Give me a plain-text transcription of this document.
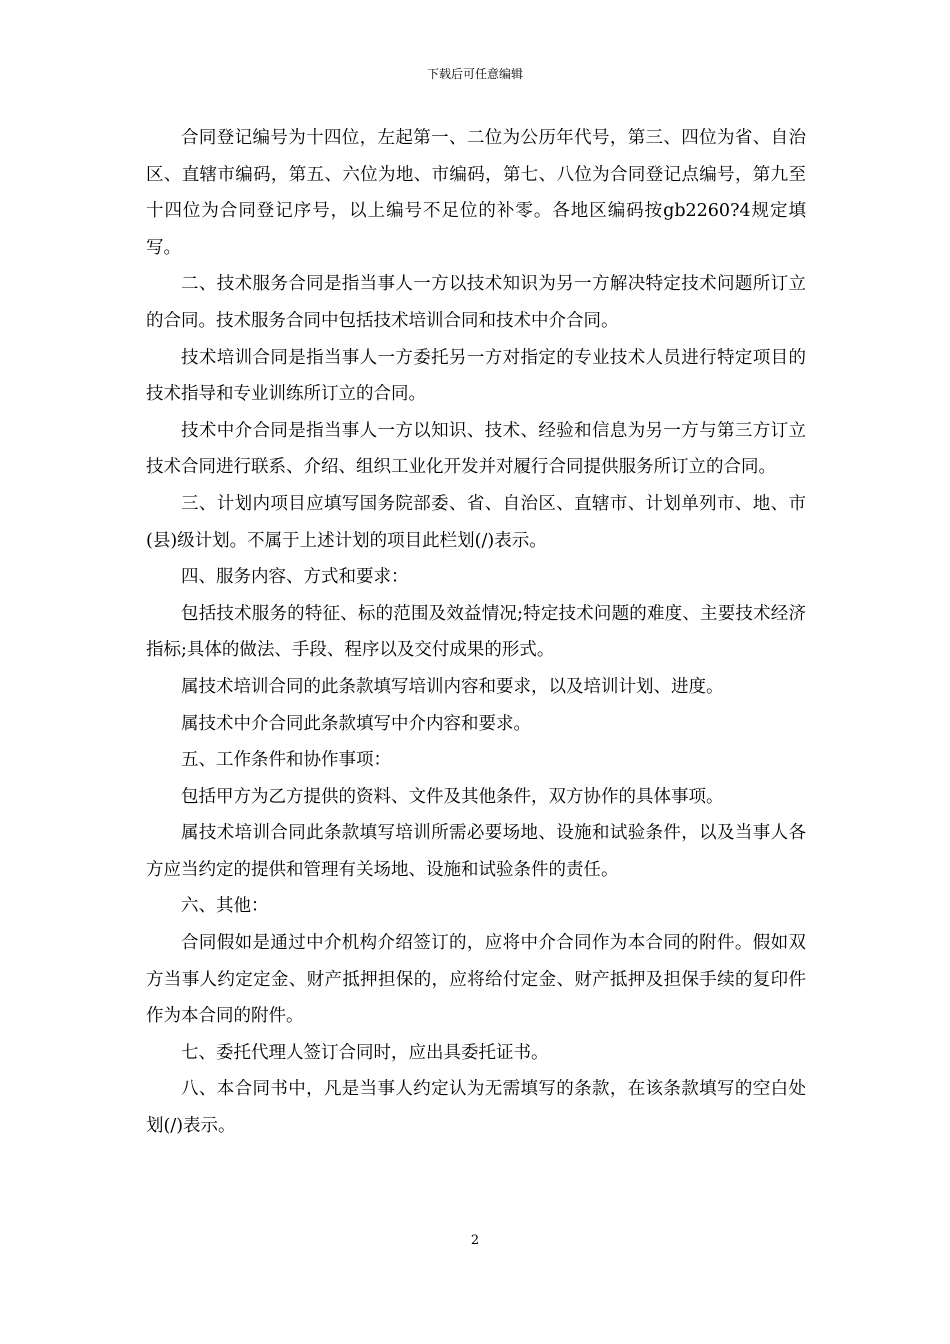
下载后可任意编辑

合同登记编号为十四位，左起第一、二位为公历年代号，第三、四位为省、自治区、直辖市编码，第五、六位为地、市编码，第七、八位为合同登记点编号，第九至十四位为合同登记序号，以上编号不足位的补零。各地区编码按gb2260?4规定填写。

二、技术服务合同是指当事人一方以技术知识为另一方解决特定技术问题所订立的合同。技术服务合同中包括技术培训合同和技术中介合同。

技术培训合同是指当事人一方委托另一方对指定的专业技术人员进行特定项目的技术指导和专业训练所订立的合同。

技术中介合同是指当事人一方以知识、技术、经验和信息为另一方与第三方订立技术合同进行联系、介绍、组织工业化开发并对履行合同提供服务所订立的合同。

三、计划内项目应填写国务院部委、省、自治区、直辖市、计划单列市、地、市(县)级计划。不属于上述计划的项目此栏划(/)表示。

四、服务内容、方式和要求：

包括技术服务的特征、标的范围及效益情况;特定技术问题的难度、主要技术经济指标;具体的做法、手段、程序以及交付成果的形式。

属技术培训合同的此条款填写培训内容和要求，以及培训计划、进度。

属技术中介合同此条款填写中介内容和要求。

五、工作条件和协作事项：

包括甲方为乙方提供的资料、文件及其他条件，双方协作的具体事项。

属技术培训合同此条款填写培训所需必要场地、设施和试验条件，以及当事人各方应当约定的提供和管理有关场地、设施和试验条件的责任。

六、其他：

合同假如是通过中介机构介绍签订的，应将中介合同作为本合同的附件。假如双方当事人约定定金、财产抵押担保的，应将给付定金、财产抵押及担保手续的复印件作为本合同的附件。

七、委托代理人签订合同时，应出具委托证书。

八、本合同书中，凡是当事人约定认为无需填写的条款，在该条款填写的空白处划(/)表示。

2
